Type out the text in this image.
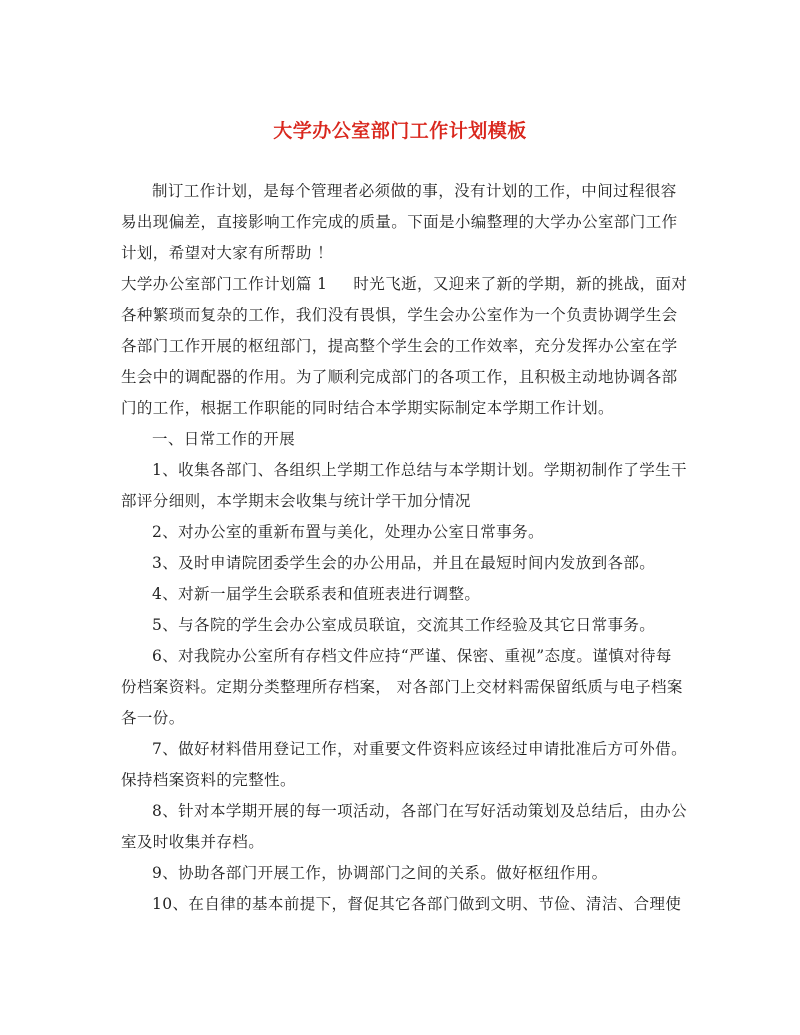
大学办公室部门工作计划模板
制订工作计划，是每个管理者必须做的事，没有计划的工作，中间过程很容
易出现偏差，直接影响工作完成的质量。下面是小编整理的大学办公室部门工作
计划，希望对大家有所帮助 ！
大学办公室部门工作计划篇 1 时光飞逝，又迎来了新的学期，新的挑战，面对
各种繁琐而复杂的工作，我们没有畏惧，学生会办公室作为一个负责协调学生会
各部门工作开展的枢纽部门，提高整个学生会的工作效率，充分发挥办公室在学
生会中的调配器的作用。为了顺利完成部门的各项工作，且积极主动地协调各部
门的工作，根据工作职能的同时结合本学期实际制定本学期工作计划。
一、日常工作的开展
1、收集各部门、各组织上学期工作总结与本学期计划。学期初制作了学生干
部评分细则，本学期末会收集与统计学干加分情况
2、对办公室的重新布置与美化，处理办公室日常事务。
3、及时申请院团委学生会的办公用品，并且在最短时间内发放到各部。
4、对新一届学生会联系表和值班表进行调整。
5、与各院的学生会办公室成员联谊，交流其工作经验及其它日常事务。
6、对我院办公室所有存档文件应持“严谨、保密、重视”态度。谨慎对待每
份档案资料。定期分类整理所存档案， 对各部门上交材料需保留纸质与电子档案
各一份。
7、做好材料借用登记工作，对重要文件资料应该经过申请批准后方可外借。
保持档案资料的完整性。
8、针对本学期开展的每一项活动，各部门在写好活动策划及总结后，由办公
室及时收集并存档。
9、协助各部门开展工作，协调部门之间的关系。做好枢纽作用。
10、在自律的基本前提下，督促其它各部门做到文明、节俭、清洁、合理使
